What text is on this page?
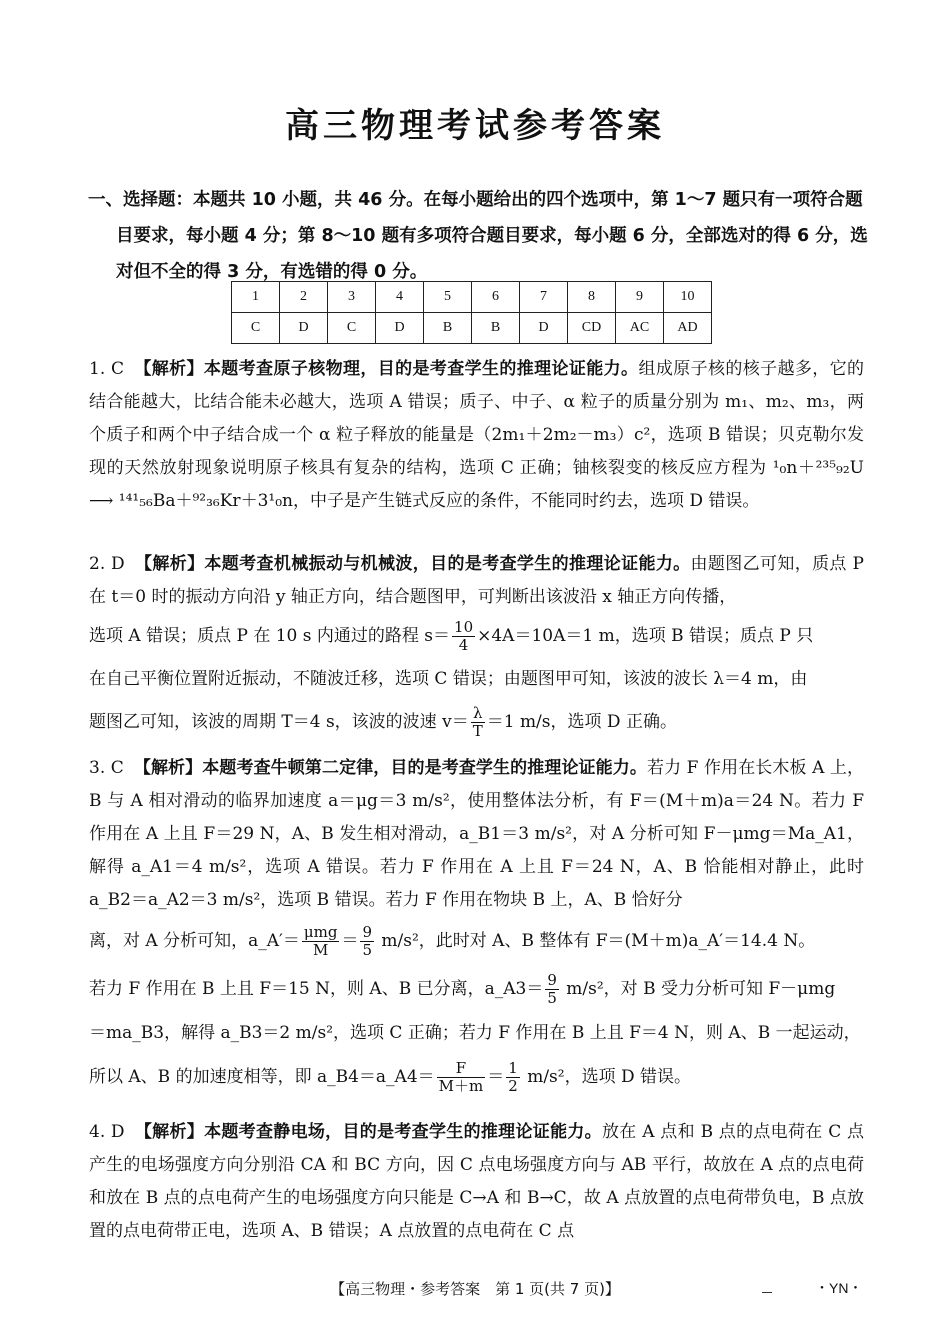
高三物理考试参考答案
一、选择题：本题共 10 小题，共 46 分。在每小题给出的四个选项中，第 1～7 题只有一项符合题目要求，每小题 4 分；第 8～10 题有多项符合题目要求，每小题 6 分，全部选对的得 6 分，选对但不全的得 3 分，有选错的得 0 分。
1	2	3	4	5	6	7	8	9	10
C	D	C	D	B	B	D	CD	AC	AD

1. C 【解析】本题考查原子核物理，目的是考查学生的推理论证能力。组成原子核的核子越多，它的结合能越大，比结合能未必越大，选项 A 错误；质子、中子、α 粒子的质量分别为 m₁、m₂、m₃，两个质子和两个中子结合成一个 α 粒子释放的能量是（2m₁＋2m₂－m₃）c²，选项 B 错误；贝克勒尔发现的天然放射现象说明原子核具有复杂的结构，选项 C 正确；铀核裂变的核反应方程为 ¹₀n＋²³⁵₉₂U ⟶ ¹⁴¹₅₆Ba＋⁹²₃₆Kr＋3¹₀n，中子是产生链式反应的条件，不能同时约去，选项 D 错误。

2. D 【解析】本题考查机械振动与机械波，目的是考查学生的推理论证能力。由题图乙可知，质点 P 在 t＝0 时的振动方向沿 y 轴正方向，结合题图甲，可判断出该波沿 x 轴正方向传播，

选项 A 错误；质点 P 在 10 s 内通过的路程 $s= \frac{10}{4} \times 4A=10A=1$ m，选项 B 错误；质点 P 只

在自己平衡位置附近振动，不随波迁移，选项 C 错误；由题图甲可知，该波的波长 λ＝4 m，由

题图乙可知，该波的周期 T＝4 s，该波的波速 $v= \frac{\lambda}{T} =1$ m/s，选项 D 正确。

3. C 【解析】本题考查牛顿第二定律，目的是考查学生的推理论证能力。若力 F 作用在长木板 A 上，B 与 A 相对滑动的临界加速度 a＝μg＝3 m/s²，使用整体法分析，有 F＝(M＋m)a＝24 N。若力 F 作用在 A 上且 F＝29 N，A、B 发生相对滑动，a_B1＝3 m/s²，对 A 分析可知 F－μmg＝Ma_A1，解得 a_A1＝4 m/s²，选项 A 错误。若力 F 作用在 A 上且 F＝24 N，A、B 恰能相对静止，此时 a_B2＝a_A2＝3 m/s²，选项 B 错误。若力 F 作用在物块 B 上，A、B 恰好分

离，对 A 分析可知，a_A′＝ $\frac{\text{μmg}}{M} = \frac{9}{5} m/s^2$，此时对 A、B 整体有 F＝(M＋m)a_A′＝14.4 N。

若力 F 作用在 B 上且 F＝15 N，则 A、B 已分离，a_A3＝ $\frac{9}{5} m/s^2$，对 B 受力分析可知 F－μmg

＝ma_B3，解得 a_B3＝2 m/s²，选项 C 正确；若力 F 作用在 B 上且 F＝4 N，则 A、B 一起运动，

所以 A、B 的加速度相等，即 a_B4＝a_A4＝ $\frac{F}{M+m} = \frac{1}{2} m/s^2$，选项 D 错误。

4. D 【解析】本题考查静电场，目的是考查学生的推理论证能力。放在 A 点和 B 点的点电荷在 C 点产生的电场强度方向分别沿 CA 和 BC 方向，因 C 点电场强度方向与 AB 平行，故放在 A 点的点电荷和放在 B 点的点电荷产生的电场强度方向只能是 C→A 和 B→C，故 A 点放置的点电荷带负电，B 点放置的点电荷带正电，选项 A、B 错误；A 点放置的点电荷在 C 点

【高三物理・参考答案　第 1 页(共 7 页)】	・YN・
